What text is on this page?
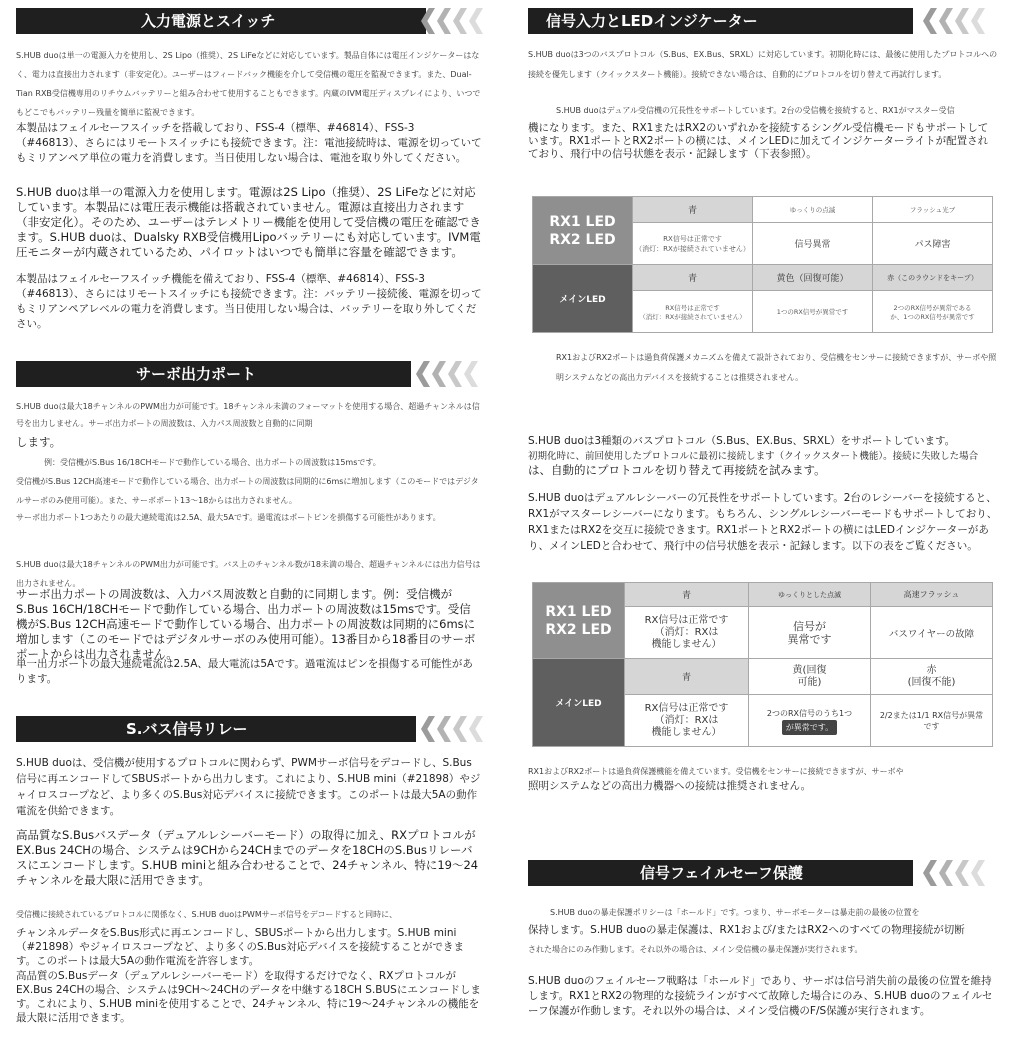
入力電源とスイッチ
S.HUB duoは単一の電源入力を使用し、2S Lipo（推奨）、2S LiFeなどに対応しています。製品自体には電圧インジケーターはなく、電力は直接出力されます（非安定化）。ユーザーはフィードバック機能を介して受信機の電圧を監視できます。また、Dual-Tian RXB受信機専用のリチウムバッテリーと組み合わせて使用することもできます。内蔵のIVM電圧ディスプレイにより、いつでもどこでもバッテリー残量を簡単に監視できます。
本製品はフェイルセーフスイッチを搭載しており、FSS-4（標準、#46814）、FSS-3（#46813）、さらにはリモートスイッチにも接続できます。注：電池接続時は、電源を切っていてもミリアンペア単位の電力を消費します。当日使用しない場合は、電池を取り外してください。
S.HUB duoは単一の電源入力を使用します。電源は2S Lipo（推奨）、2S LiFeなどに対応しています。本製品には電圧表示機能は搭載されていません。電源は直接出力されます（非安定化）。そのため、ユーザーはテレメトリー機能を使用して受信機の電圧を確認できます。S.HUB duoは、Dualsky RXB受信機用Lipoバッテリーにも対応しています。IVM電圧モニターが内蔵されているため、パイロットはいつでも簡単に容量を確認できます。
本製品はフェイルセーフスイッチ機能を備えており、FSS-4（標準、#46814）、FSS-3（#46813）、さらにはリモートスイッチにも接続できます。注：バッテリー接続後、電源を切ってもミリアンペアレベルの電力を消費します。当日使用しない場合は、バッテリーを取り外してください。
サーボ出力ポート
S.HUB duoは最大18チャンネルのPWM出力が可能です。18チャンネル未満のフォーマットを使用する場合、超過チャンネルは信号を出力しません。サーボ出力ポートの周波数は、入力パス周波数と自動的に同期
します。
例：受信機がS.Bus 16/18CHモードで動作している場合、出力ポートの周波数は15msです。
受信機がS.Bus 12CH高速モードで動作している場合、出力ポートの周波数は同期的に6msに増加します（このモードではデジタルサーボのみ使用可能）。また、サーボポート13〜18からは出力されません。
サーボ出力ポート1つあたりの最大連続電流は2.5A、最大5Aです。過電流はポートピンを損傷する可能性があります。
S.HUB duoは最大18チャンネルのPWM出力が可能です。バス上のチャンネル数が18未満の場合、超過チャンネルには出力信号は出力されません。
サーボ出力ポートの周波数は、入力バス周波数と自動的に同期します。例：受信機がS.Bus 16CH/18CHモードで動作している場合、出力ポートの周波数は15msです。受信機がS.Bus 12CH高速モードで動作している場合、出力ポートの周波数は同期的に6msに増加します（このモードではデジタルサーボのみ使用可能）。13番目から18番目のサーボポートからは出力されません。
単一出力ポートの最大連続電流は2.5A、最大電流は5Aです。過電流はピンを損傷する可能性があります。
S.バス信号リレー
S.HUB duoは、受信機が使用するプロトコルに関わらず、PWMサーボ信号をデコードし、S.Bus信号に再エンコードしてSBUSポートから出力します。これにより、S.HUB mini（#21898）やジャイロスコープなど、より多くのS.Bus対応デバイスに接続できます。このポートは最大5Aの動作電流を供給できます。
高品質なS.Busバスデータ（デュアルレシーバーモード）の取得に加え、RXプロトコルがEX.Bus 24CHの場合、システムは9CHから24CHまでのデータを18CHのS.Busリレーバスにエンコードします。S.HUB miniと組み合わせることで、24チャンネル、特に19〜24チャンネルを最大限に活用できます。
受信機に接続されているプロトコルに関係なく、S.HUB duoはPWMサーボ信号をデコードすると同時に、
チャンネルデータをS.Bus形式に再エンコードし、SBUSポートから出力します。S.HUB mini（#21898）やジャイロスコープなど、より多くのS.Bus対応デバイスを接続することができます。このポートは最大5Aの動作電流を許容します。
高品質のS.Busデータ（デュアルレシーバーモード）を取得するだけでなく、RXプロトコルがEX.Bus 24CHの場合、システムは9CH〜24CHのデータを中継する18CH S.BUSにエンコードします。これにより、S.HUB miniを使用することで、24チャンネル、特に19〜24チャンネルの機能を最大限に活用できます。
信号入力とLEDインジケーター
S.HUB duoは3つのバスプロトコル（S.Bus、EX.Bus、SRXL）に対応しています。初期化時には、最後に使用したプロトコルへの接続を優先します（クイックスタート機能）。接続できない場合は、自動的にプロトコルを切り替えて再試行します。
S.HUB duoはデュアル受信機の冗長性をサポートしています。2台の受信機を接続すると、RX1がマスター受信
機になります。また、RX1またはRX2のいずれかを接続するシングル受信機モードもサポートしています。RX1ポートとRX2ポートの横には、メインLEDに加えてインジケーターライトが配置されており、飛行中の信号状態を表示・記録します（下表参照）。
RX1 LED
RX2 LED	青	ゆっくりの点滅	フラッシュ光ブ
	RX信号は正常です
（消灯：RXが接続されていません）	信号異常	パス障害
メインLED	青	黄色（回復可能）	赤（このラウンドをキープ）
	RX信号は正常です
（消灯：RXが接続されていません）	1つのRX信号が異常です	2つのRX信号が異常である
か、1つのRX信号が異常です
RX1およびRX2ポートは過負荷保護メカニズムを備えて設計されており、受信機をセンサーに接続できますが、サーボや照明システムなどの高出力デバイスを接続することは推奨されません。
S.HUB duoは3種類のバスプロトコル（S.Bus、EX.Bus、SRXL）をサポートしています。
初期化時に、前回使用したプロトコルに最初に接続します（クイックスタート機能）。接続に失敗した場合
は、自動的にプロトコルを切り替えて再接続を試みます。
S.HUB duoはデュアルレシーバーの冗長性をサポートしています。2台のレシーバーを接続すると、RX1がマスターレシーバーになります。もちろん、シングルレシーバーモードもサポートしており、RX1またはRX2を交互に接続できます。RX1ポートとRX2ポートの横にはLEDインジケーターがあり、メインLEDと合わせて、飛行中の信号状態を表示・記録します。以下の表をご覧ください。
RX1 LED
RX2 LED	青	ゆっくりとした点滅	高速フラッシュ
	RX信号は正常です
（消灯：RXは
機能しません）	信号が
異常です	バスワイヤーの故障
メインLED	青	黄(回復
可能)	赤
(回復不能)
	RX信号は正常です
（消灯：RXは
機能しません）	2つのRX信号のうち1つ
が異常です。	2/2または1/1 RX信号が異常
です
RX1およびRX2ポートは過負荷保護機能を備えています。受信機をセンサーに接続できますが、サーボや
照明システムなどの高出力機器への接続は推奨されません。
信号フェイルセーフ保護
S.HUB duoの暴走保護ポリシーは「ホールド」です。つまり、サーボモーターは暴走前の最後の位置を
保持します。S.HUB duoの暴走保護は、RX1および/またはRX2へのすべての物理接続が切断
された場合にのみ作動します。それ以外の場合は、メイン受信機の暴走保護が実行されます。
S.HUB duoのフェイルセーフ戦略は「ホールド」であり、サーボは信号消失前の最後の位置を維持します。RX1とRX2の物理的な接続ラインがすべて故障した場合にのみ、S.HUB duoのフェイルセーフ保護が作動します。それ以外の場合は、メイン受信機のF/S保護が実行されます。
